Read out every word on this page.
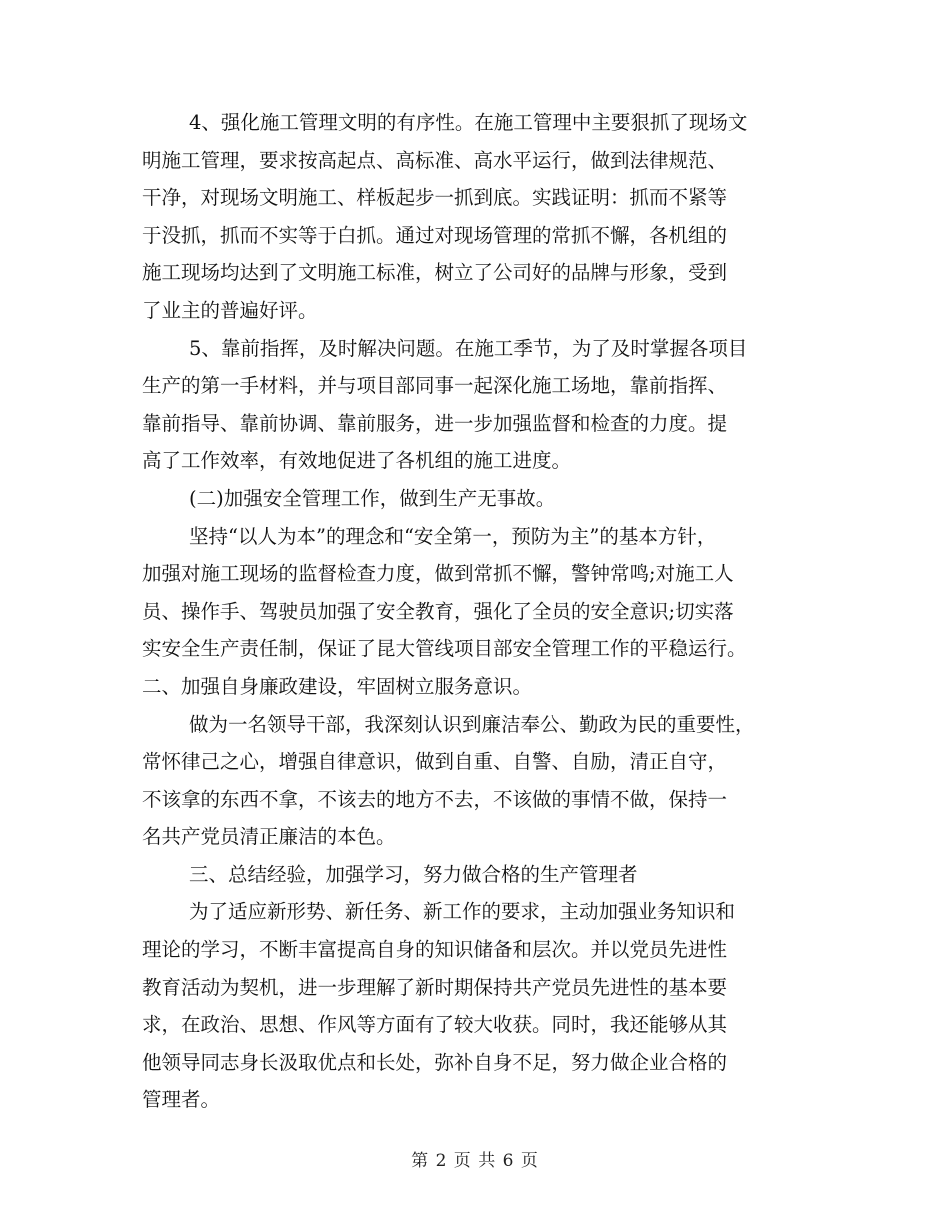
4、强化施工管理文明的有序性。在施工管理中主要狠抓了现场文
明施工管理，要求按高起点、高标准、高水平运行，做到法律规范、
干净，对现场文明施工、样板起步一抓到底。实践证明：抓而不紧等
于没抓，抓而不实等于白抓。通过对现场管理的常抓不懈，各机组的
施工现场均达到了文明施工标准，树立了公司好的品牌与形象，受到
了业主的普遍好评。
5、靠前指挥，及时解决问题。在施工季节，为了及时掌握各项目
生产的第一手材料，并与项目部同事一起深化施工场地，靠前指挥、
靠前指导、靠前协调、靠前服务，进一步加强监督和检查的力度。提
高了工作效率，有效地促进了各机组的施工进度。
(二)加强安全管理工作，做到生产无事故。
坚持“以人为本”的理念和“安全第一，预防为主”的基本方针，
加强对施工现场的监督检查力度，做到常抓不懈，警钟常鸣;对施工人
员、操作手、驾驶员加强了安全教育，强化了全员的安全意识;切实落
实安全生产责任制，保证了昆大管线项目部安全管理工作的平稳运行。
二、加强自身廉政建设，牢固树立服务意识。
做为一名领导干部，我深刻认识到廉洁奉公、勤政为民的重要性，
常怀律己之心，增强自律意识，做到自重、自警、自励，清正自守，
不该拿的东西不拿，不该去的地方不去，不该做的事情不做，保持一
名共产党员清正廉洁的本色。
三、总结经验，加强学习，努力做合格的生产管理者
为了适应新形势、新任务、新工作的要求，主动加强业务知识和
理论的学习，不断丰富提高自身的知识储备和层次。并以党员先进性
教育活动为契机，进一步理解了新时期保持共产党员先进性的基本要
求，在政治、思想、作风等方面有了较大收获。同时，我还能够从其
他领导同志身长汲取优点和长处，弥补自身不足，努力做企业合格的
管理者。
第 2 页 共 6 页
